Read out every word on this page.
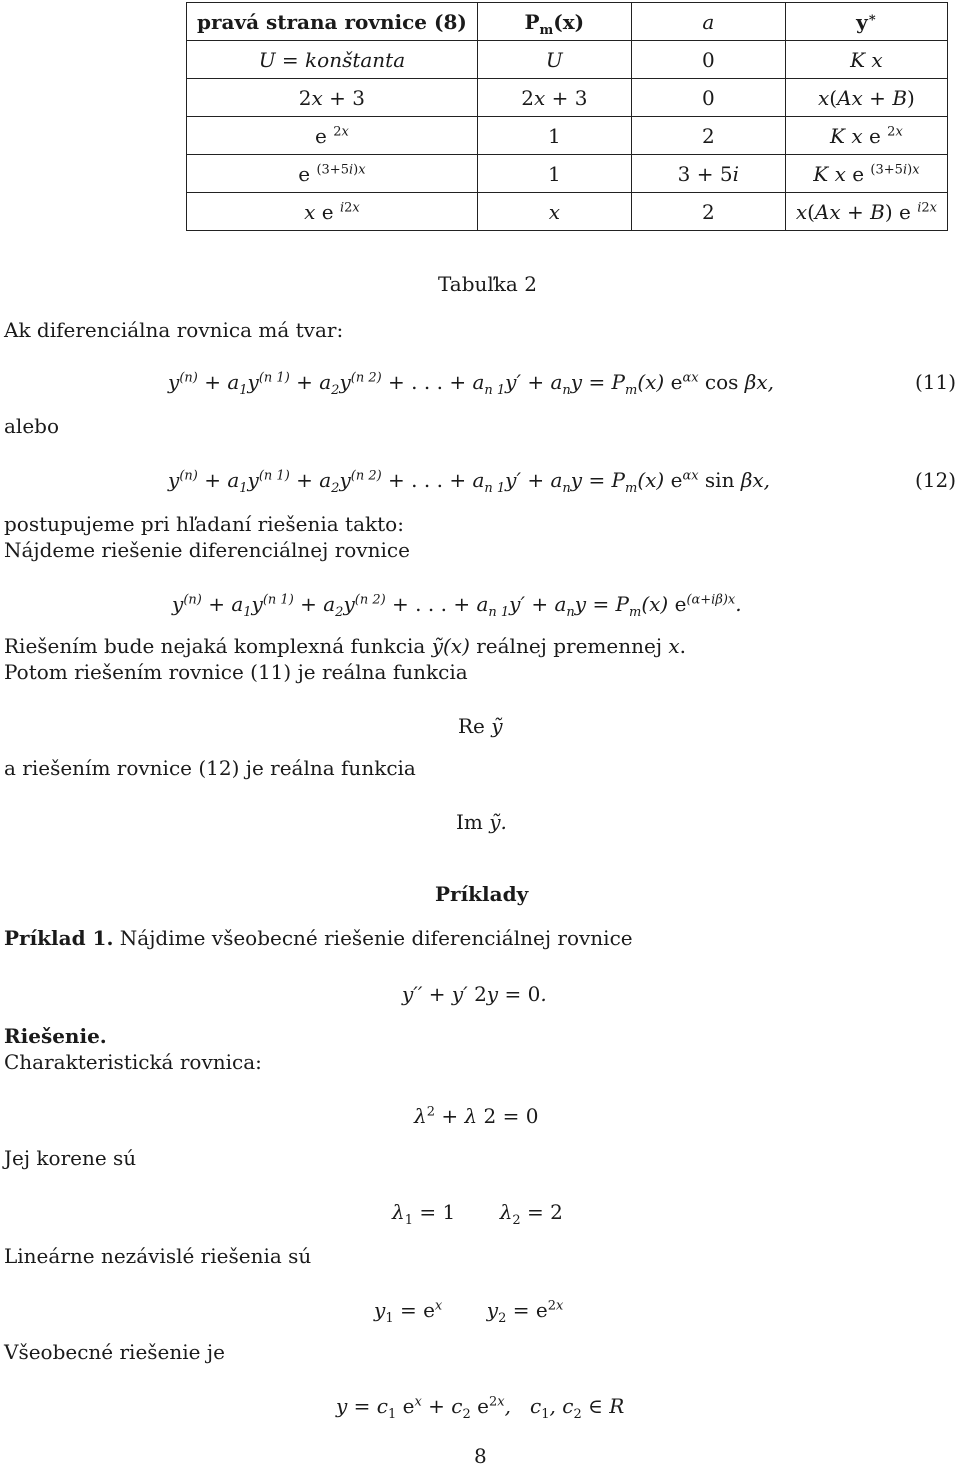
pravá strana rovnice (8)	$P_m(x)$	a	y∗
U = konštanta	U	0	K x
2x + 3	2x + 3	0	x(Ax + B)
e $^{2x}$	1	2	K x e $^{2x}$
e $^{(3+5i)x}$	1	3 + 5i	K x e $^{(3+5i)x}$
x e $^{i2x}$	x	2	x(Ax + B) e $^{i2x}$
Tabuľka 2
Ak diferenciálna rovnica má tvar:
$y^{(n)} + a_1y^{(n 1)} + a_2y^{(n 2)}$ + . . . + $a_{n 1}y' + a_ny = P_m(x)$ $e^{\alpha x}$ cos βx,	(11)
alebo
$y^{(n)} + a_1y^{(n 1)} + a_2y^{(n 2)}$ + . . . + $a_{n 1}y' + a_ny = P_m(x)$ $e^{\alpha x}$ sin βx,	(12)
postupujeme pri hľadaní riešenia takto:
Nájdeme riešenie diferenciálnej rovnice
$y^{(n)} + a_1y^{(n 1)} + a_2y^{(n 2)}$ + . . . + $a_{n 1}y' + a_ny = P_m(x)$ $e^{(\alpha+i\beta)x}$.
Riešením bude nejaká komplexná funkcia ỹ(x) reálnej premennej x.
Potom riešením rovnice (11) je reálna funkcia
Re ỹ
a riešením rovnice (12) je reálna funkcia
Im ỹ.
Príklady
Príklad 1. Nájdime všeobecné riešenie diferenciálnej rovnice
y′′ + y′ 2y = 0.
Riešenie.
Charakteristická rovnica:
$\lambda^2 + \lambda$ 2 = 0
Jej korene sú
$\lambda_1 = 1$       $\lambda_2 = 2$
Lineárne nezávislé riešenia sú
$y_1 = e^x$       $y_2 = e^{2x}$
Všeobecné riešenie je
$y = c_1$ $e^x + c_2$ $e^{2x}$,   $c_1$, $c_2$ ∈ R
8
